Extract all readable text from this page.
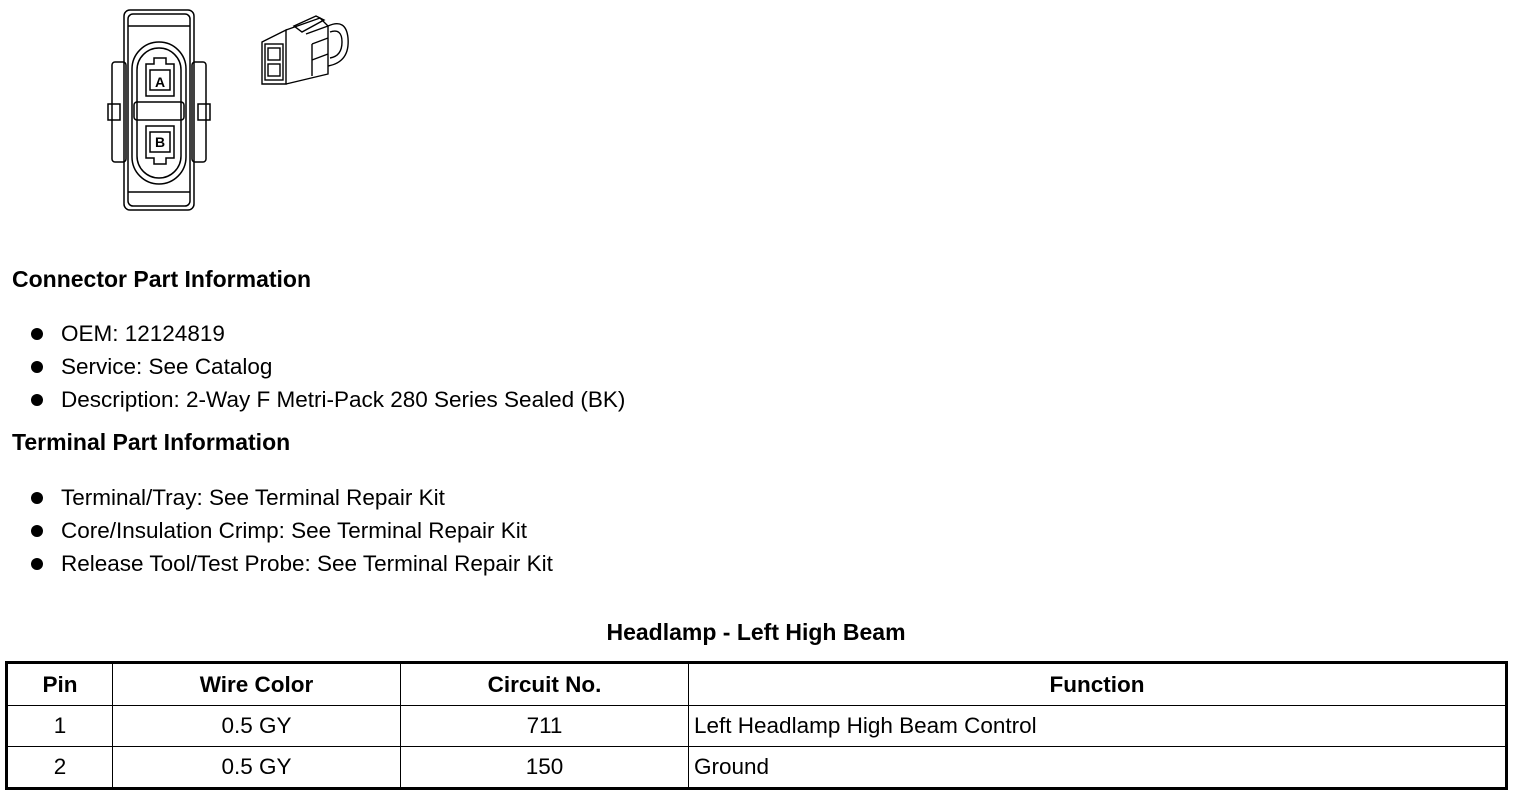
A
B
Connector Part Information
OEM: 12124819
Service: See Catalog
Description: 2-Way F Metri-Pack 280 Series Sealed (BK)
Terminal Part Information
Terminal/Tray: See Terminal Repair Kit
Core/Insulation Crimp: See Terminal Repair Kit
Release Tool/Test Probe: See Terminal Repair Kit
Headlamp - Left High Beam
Pin	Wire Color	Circuit No.	Function
1	0.5 GY	711	Left Headlamp High Beam Control
2	0.5 GY	150	Ground
